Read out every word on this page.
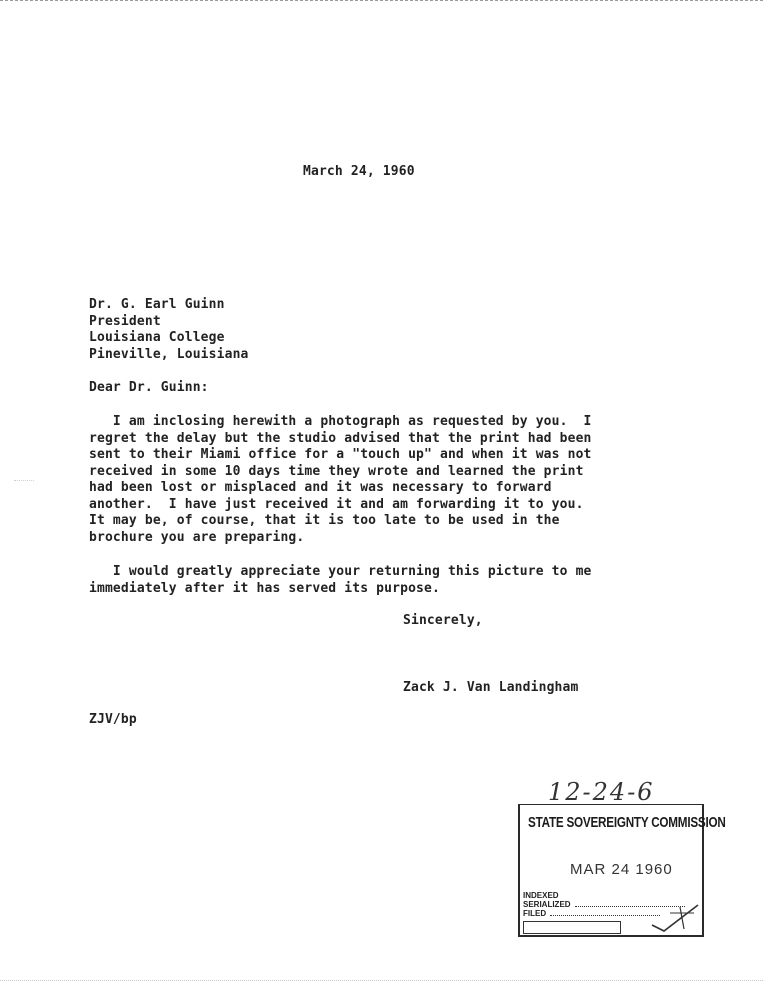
March 24, 1960
Dr. G. Earl Guinn
President
Louisiana College
Pineville, Louisiana
Dear Dr. Guinn:
I am inclosing herewith a photograph as requested by you.  I
regret the delay but the studio advised that the print had been
sent to their Miami office for a "touch up" and when it was not
received in some 10 days time they wrote and learned the print
had been lost or misplaced and it was necessary to forward
another.  I have just received it and am forwarding it to you.
It may be, of course, that it is too late to be used in the
brochure you are preparing.
I would greatly appreciate your returning this picture to me
immediately after it has served its purpose.
Sincerely,
Zack J. Van Landingham
ZJV/bp
12-24-6
STATE SOVEREIGNTY COMMISSION
MAR 24 1960
INDEXED
SERIALIZED
FILED
